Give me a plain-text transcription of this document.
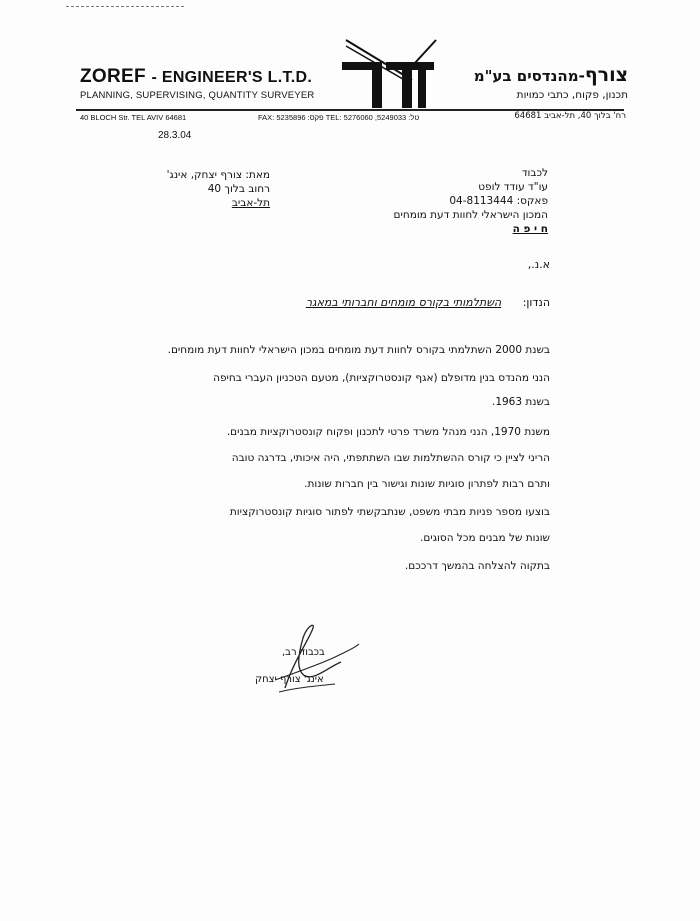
ZOREF - ENGINEER'S L.T.D.
PLANNING, SUPERVISING, QUANTITY SURVEYER
צורף-מהנדסים בע"מ
תכנון, פקוח, כתבי כמויות
40 BLOCH Str. TEL AVIV 64681	FAX: 5235896 :פקס TEL: 5276060 ,5249033 :טל	רח' בלוך 40, תל-אביב 64681
28.3.04
מאת: צורף יצחק, אינג'
רחוב בלוך 40
תל-אביב
לכבוד
עו"ד עודד לופט
פאקס: 04-8113444
המכון הישראלי לחוות דעת מומחים
ח י פ ה
א.נ.,
הנדון: השתלמותי בקורס מומחים וחברותי במאגר
בשנת 2000 השתלמתי בקורס לחוות דעת מומחים במכון הישראלי לחוות דעת מומחים.
הנני מהנדס בנין מדופלם (אגף קונסטרוקציות), מטעם הטכניון העברי בחיפה
בשנת 1963.
משנת 1970, הנני מנהל משרד פרטי לתכנון ופקוח קונסטרוקציות מבנים.
הריני לציין כי קורס ההשתלמות שבו השתתפתי, היה איכותי, בדרגה טובה
ותרם רבות לפתרון סוגיות שונות וגישור בין חברות שונות.
בוצעו מספר פניות מבתי משפט, שנתבקשתי לפתור סוגיות קונסטרוקציות
שונות של מבנים מכל הסוגים.
בתקוה להצלחה בהמשך דרככם.
בכבוד רב,
אינג' צורף יצחק
